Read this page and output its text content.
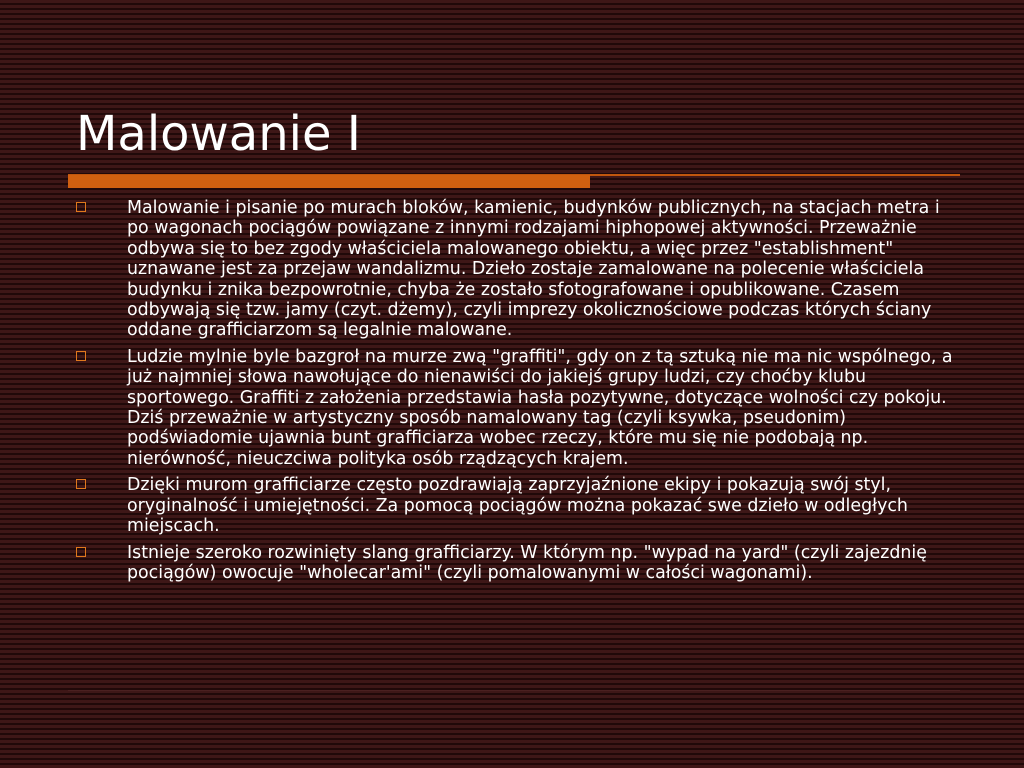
Malowanie I
Malowanie i pisanie po murach bloków, kamienic, budynków publicznych, na stacjach metra i po wagonach pociągów powiązane z innymi rodzajami hiphopowej aktywności. Przeważnie odbywa się to bez zgody właściciela malowanego obiektu, a więc przez "establishment" uznawane jest za przejaw wandalizmu. Dzieło zostaje zamalowane na polecenie właściciela budynku i znika bezpowrotnie, chyba że zostało sfotografowane i opublikowane. Czasem odbywają się tzw. jamy (czyt. dżemy), czyli imprezy okolicznościowe podczas których ściany oddane grafficiarzom są legalnie malowane.
Ludzie mylnie byle bazgroł na murze zwą "graffiti", gdy on z tą sztuką nie ma nic wspólnego, a już najmniej słowa nawołujące do nienawiści do jakiejś grupy ludzi, czy choćby klubu sportowego. Graffiti z założenia przedstawia hasła pozytywne, dotyczące wolności czy pokoju. Dziś przeważnie w artystyczny sposób namalowany tag (czyli ksywka, pseudonim) podświadomie ujawnia bunt grafficiarza wobec rzeczy, które mu się nie podobają np. nierówność, nieuczciwa polityka osób rządzących krajem.
Dzięki murom grafficiarze często pozdrawiają zaprzyjaźnione ekipy i pokazują swój styl, oryginalność i umiejętności. Za pomocą pociągów można pokazać swe dzieło w odległych miejscach.
Istnieje szeroko rozwinięty slang grafficiarzy. W którym np. "wypad na yard" (czyli zajezdnię pociągów) owocuje "wholecar'ami" (czyli pomalowanymi w całości wagonami).
